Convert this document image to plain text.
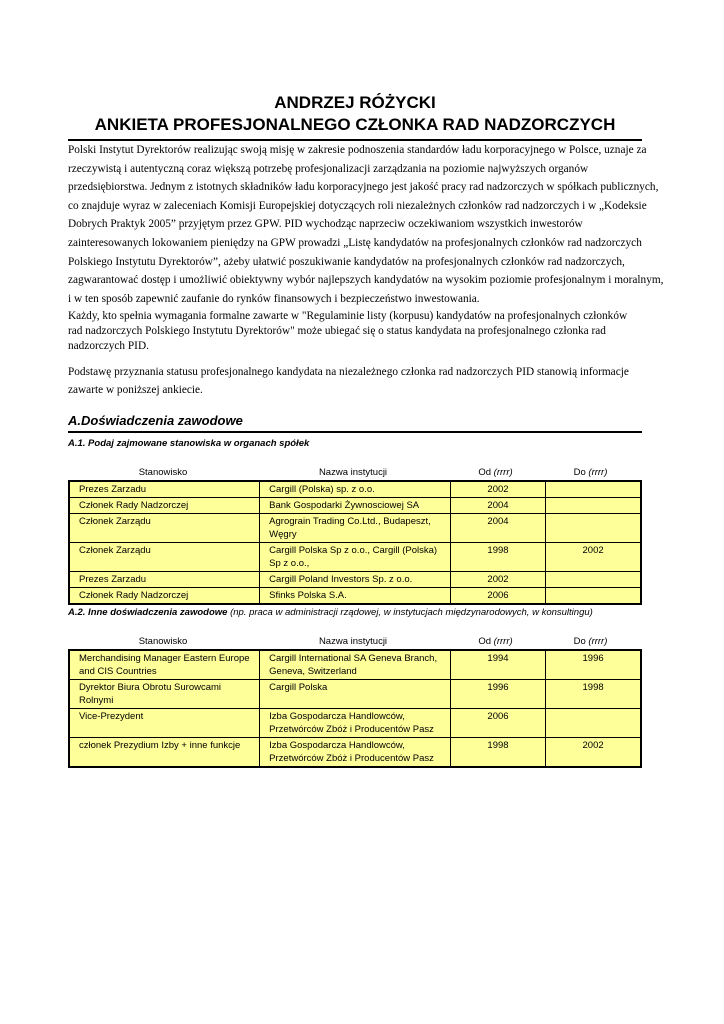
ANDRZEJ RÓŻYCKI
ANKIETA PROFESJONALNEGO CZŁONKA RAD NADZORCZYCH
Polski Instytut Dyrektorów realizując swoją misję w zakresie podnoszenia standardów ładu korporacyjnego w Polsce, uznaje za
rzeczywistą i autentyczną coraz większą potrzebę profesjonalizacji zarządzania na poziomie najwyższych organów
przedsiębiorstwa. Jednym z istotnych składników ładu korporacyjnego jest jakość pracy rad nadzorczych w spółkach publicznych,
co znajduje wyraz w zaleceniach Komisji Europejskiej dotyczących roli niezależnych członków rad nadzorczych i w „Kodeksie
Dobrych Praktyk 2005” przyjętym przez GPW. PID wychodząc naprzeciw oczekiwaniom wszystkich inwestorów
zainteresowanych lokowaniem pieniędzy na GPW prowadzi „Listę kandydatów na profesjonalnych członków rad nadzorczych
Polskiego Instytutu Dyrektorów”, ażeby ułatwić poszukiwanie kandydatów na profesjonalnych członków rad nadzorczych,
zagwarantować dostęp i umożliwić obiektywny wybór najlepszych kandydatów na wysokim poziomie profesjonalnym i moralnym,
i w ten sposób zapewnić zaufanie do rynków finansowych i bezpieczeństwo inwestowania.
Każdy, kto spełnia wymagania formalne zawarte w "Regulaminie listy (korpusu) kandydatów na profesjonalnych członków rad nadzorczych Polskiego Instytutu Dyrektorów" może ubiegać się o status kandydata na profesjonalnego członka rad nadzorczych PID.
Podstawę przyznania statusu profesjonalnego kandydata na niezależnego członka rad nadzorczych PID stanowią informacje zawarte w poniższej ankiecie.
A.Doświadczenia zawodowe
A.1. Podaj zajmowane stanowiska w organach spółek
Stanowisko	Nazwa instytucji	Od (rrrr)	Do (rrrr)
Prezes Zarzadu	Cargill (Polska) sp. z o.o.	2002	
Członek Rady Nadzorczej	Bank Gospodarki Żywnosciowej SA	2004	
Członek Zarządu	Agrograin Trading Co.Ltd., Budapeszt, Węgry	2004	
Członek Zarządu	Cargill Polska Sp z o.o., Cargill (Polska) Sp z o.o.,	1998	2002
Prezes Zarzadu	Cargill Poland Investors Sp. z o.o.	2002	
Członek Rady Nadzorczej	Sfinks Polska S.A.	2006	
A.2. Inne doświadczenia zawodowe (np. praca w administracji rządowej, w instytucjach międzynarodowych, w konsultingu)
Stanowisko	Nazwa instytucji	Od (rrrr)	Do (rrrr)
Merchandising Manager Eastern Europe and CIS Countries	Cargill International SA Geneva Branch, Geneva, Switzerland	1994	1996
Dyrektor Biura Obrotu Surowcami Rolnymi	Cargill Polska	1996	1998
Vice-Prezydent	Izba Gospodarcza Handlowców, Przetwórców Zbóż i Producentów Pasz	2006	
członek Prezydium Izby + inne funkcje	Izba Gospodarcza Handlowców, Przetwórców Zbóż i Producentów Pasz	1998	2002
